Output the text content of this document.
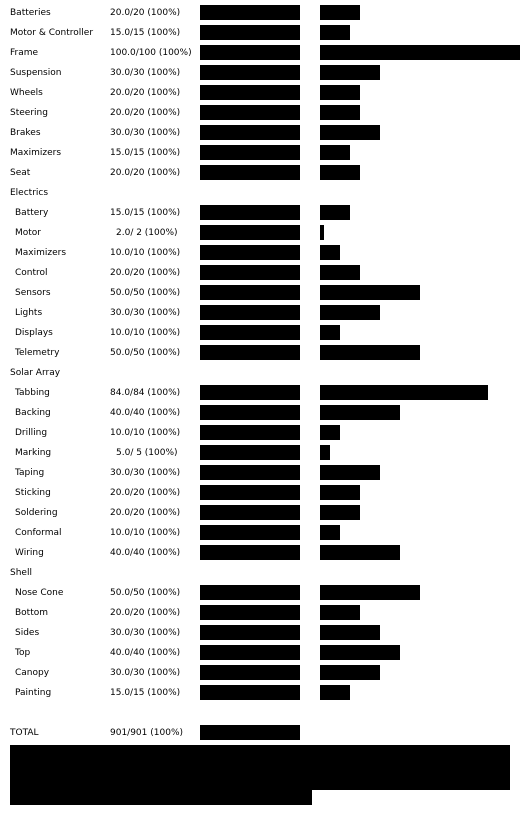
Batteries	20.0/20 (100%)
Motor & Controller 15.0/15 (100%)
Frame	100.0/100 (100%)
Suspension	30.0/30 (100%)
Wheels	20.0/20 (100%)
Steering	20.0/20 (100%)
Brakes	30.0/30 (100%)
Maximizers	15.0/15 (100%)
Seat	20.0/20 (100%)
Electrics
Battery	15.0/15 (100%)
Motor	2.0/ 2 (100%)
Maximizers	10.0/10 (100%)
Control	20.0/20 (100%)
Sensors	50.0/50 (100%)
Lights	30.0/30 (100%)
Displays	10.0/10 (100%)
Telemetry	50.0/50 (100%)
Solar Array
Tabbing	84.0/84 (100%)
Backing	40.0/40 (100%)
Drilling	10.0/10 (100%)
Marking	5.0/ 5 (100%)
Taping	30.0/30 (100%)
Sticking	20.0/20 (100%)
Soldering	20.0/20 (100%)
Conformal	10.0/10 (100%)
Wiring	40.0/40 (100%)
Shell
Nose Cone	50.0/50 (100%)
Bottom	20.0/20 (100%)
Sides	30.0/30 (100%)
Top	40.0/40 (100%)
Canopy	30.0/30 (100%)
Painting	15.0/15 (100%)
TOTAL	901/901 (100%)
